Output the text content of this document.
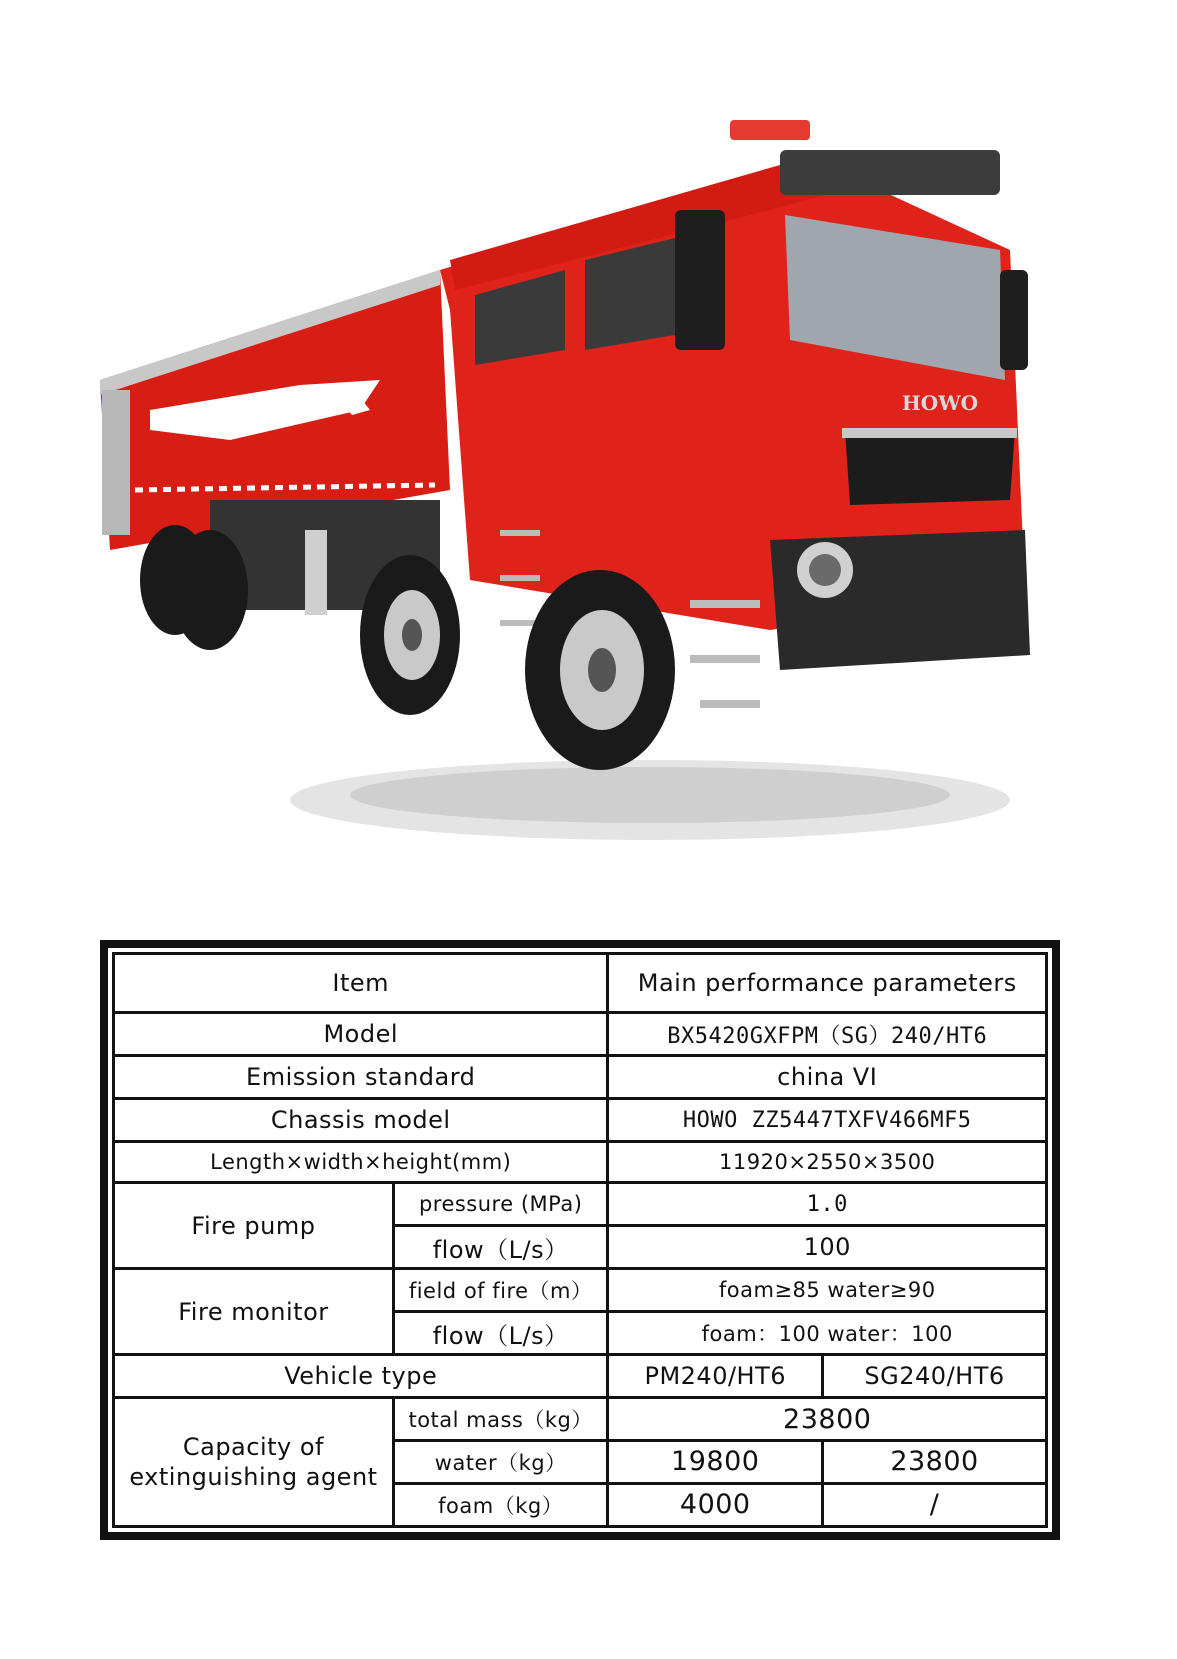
HOWO
Item		Main performance parameters	
Model		BX5420GXFPM（SG）240/HT6	
Emission standard		china VI	
Chassis model		HOWO ZZ5447TXFV466MF5	
Length×width×height(mm)		11920×2550×3500	
Fire pump	pressure (MPa)	1.0	
	flow（L/s）	100	
Fire monitor	field of fire（m）	foam≥85 water≥90	
	flow（L/s）	foam：100 water：100	
Vehicle type		PM240/HT6	SG240/HT6
Capacity of extinguishing agent	total mass（kg）	23800	
	water（kg）	19800	23800
	foam（kg）	4000	/
